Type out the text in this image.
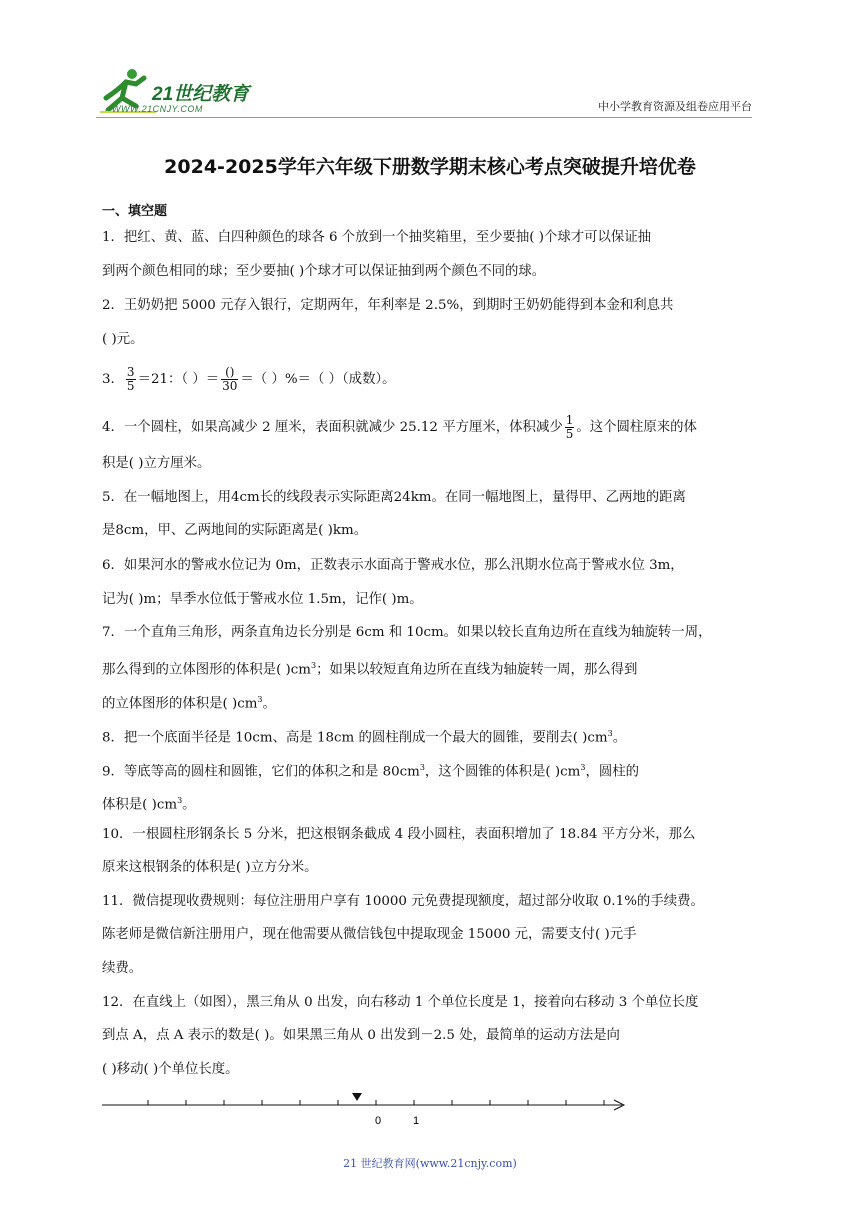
21世纪教育
WWW.21CNJY.COM	中小学教育资源及组卷应用平台
2024-2025学年六年级下册数学期末核心考点突破提升培优卷
一、填空题
1．把红、黄、蓝、白四种颜色的球各 6 个放到一个抽奖箱里，至少要抽( )个球才可以保证抽
到两个颜色相同的球；至少要抽( )个球才可以保证抽到两个颜色不同的球。
2．王奶奶把 5000 元存入银行，定期两年，年利率是 2.5%，到期时王奶奶能得到本金和利息共
( )元。
3． $\frac{3}{5} =21$：（ ）＝ $\frac{()}{30}$ ＝（ ）%＝（ ）（成数）。
4．一个圆柱，如果高减少 2 厘米，表面积就减少 25.12 平方厘米，体积减少 $\frac{1}{5}$ 。这个圆柱原来的体
积是( )立方厘米。
5．在一幅地图上，用4cm长的线段表示实际距离24km。在同一幅地图上，量得甲、乙两地的距离
是8cm，甲、乙两地间的实际距离是( )km。
6．如果河水的警戒水位记为 0m，正数表示水面高于警戒水位，那么汛期水位高于警戒水位 3m，
记为( )m；旱季水位低于警戒水位 1.5m，记作( )m。
7．一个直角三角形，两条直角边长分别是 6cm 和 10cm。如果以较长直角边所在直线为轴旋转一周，
那么得到的立体图形的体积是( )$cm^3$；如果以较短直角边所在直线为轴旋转一周，那么得到
的立体图形的体积是( )$cm^3$。
8．把一个底面半径是 10cm、高是 18cm 的圆柱削成一个最大的圆锥，要削去( )$cm^3$。
9．等底等高的圆柱和圆锥，它们的体积之和是 $80cm^3$，这个圆锥的体积是( )$cm^3$，圆柱的
体积是( )$cm^3$。
10．一根圆柱形钢条长 5 分米，把这根钢条截成 4 段小圆柱，表面积增加了 18.84 平方分米，那么
原来这根钢条的体积是( )立方分米。
11．微信提现收费规则：每位注册用户享有 10000 元免费提现额度，超过部分收取 0.1%的手续费。
陈老师是微信新注册用户，现在他需要从微信钱包中提取现金 15000 元，需要支付( )元手
续费。
12．在直线上（如图），黑三角从 0 出发，向右移动 1 个单位长度是 1，接着向右移动 3 个单位长度
到点 A，点 A 表示的数是( )。如果黑三角从 0 出发到－2.5 处，最简单的运动方法是向
( )移动( )个单位长度。
0	1
21 世纪教育网(www.21cnjy.com)
